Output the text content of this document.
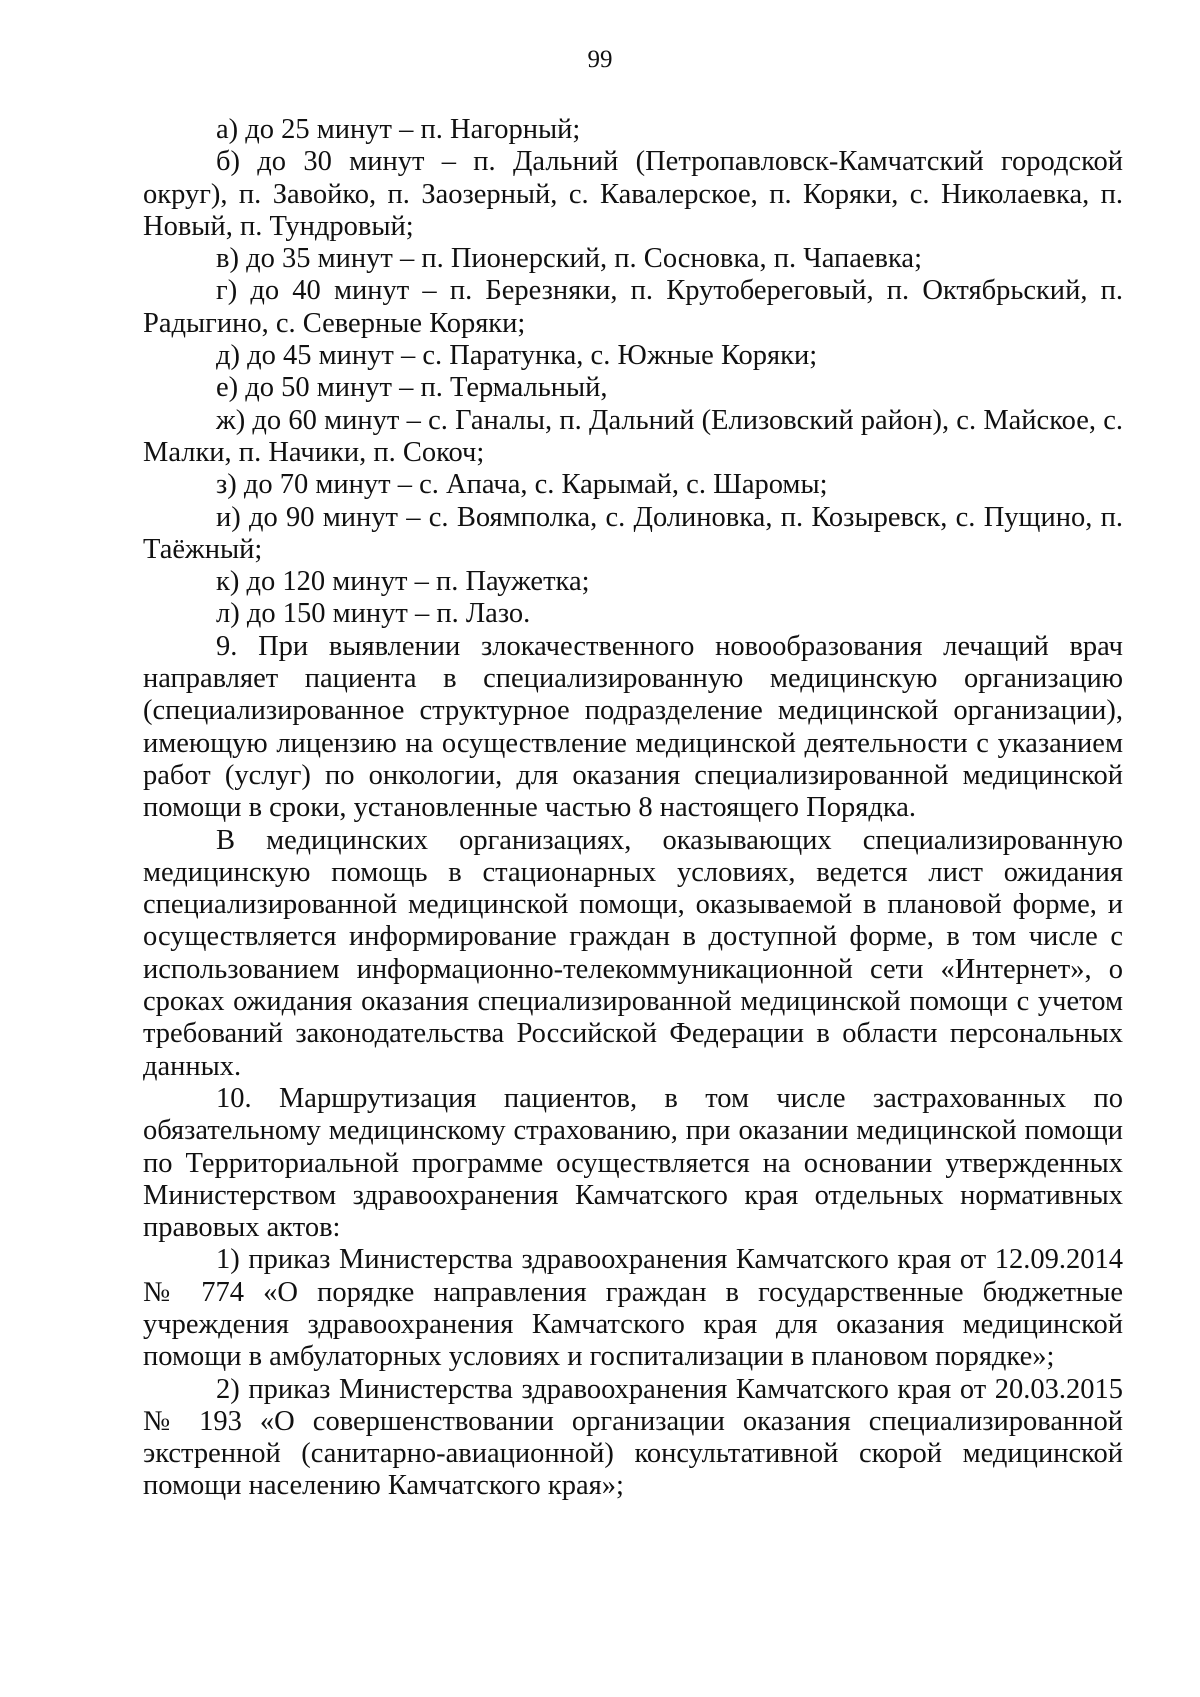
99

а) до 25 минут – п. Нагорный;

б) до 30 минут – п. Дальний (Петропавловск-Камчатский городской округ), п. Завойко, п. Заозерный, с. Кавалерское, п. Коряки, с. Николаевка, п. Новый, п. Тундровый;

в) до 35 минут – п. Пионерский, п. Сосновка, п. Чапаевка;

г) до 40 минут – п. Березняки, п. Крутобереговый, п. Октябрьский, п. Радыгино, с. Северные Коряки;

д) до 45 минут – с. Паратунка, с. Южные Коряки;

е) до 50 минут – п. Термальный,

ж) до 60 минут – с. Ганалы, п. Дальний (Елизовский район), с. Майское, с. Малки, п. Начики, п. Сокоч;

з) до 70 минут – с. Апача, с. Карымай, с. Шаромы;

и) до 90 минут – с. Воямполка, с. Долиновка, п. Козыревск, с. Пущино, п. Таёжный;

к) до 120 минут – п. Паужетка;

л) до 150 минут – п. Лазо.

9. При выявлении злокачественного новообразования лечащий врач направляет пациента в специализированную медицинскую организацию (специализированное структурное подразделение медицинской организации), имеющую лицензию на осуществление медицинской деятельности с указанием работ (услуг) по онкологии, для оказания специализированной медицинской помощи в сроки, установленные частью 8 настоящего Порядка.

В медицинских организациях, оказывающих специализированную медицинскую помощь в стационарных условиях, ведется лист ожидания специализированной медицинской помощи, оказываемой в плановой форме, и осуществляется информирование граждан в доступной форме, в том числе с использованием информационно-телекоммуникационной сети «Интернет», о сроках ожидания оказания специализированной медицинской помощи с учетом требований законодательства Российской Федерации в области персональных данных.

10. Маршрутизация пациентов, в том числе застрахованных по обязательному медицинскому страхованию, при оказании медицинской помощи по Территориальной программе осуществляется на основании утвержденных Министерством здравоохранения Камчатского края отдельных нормативных правовых актов:

1) приказ Министерства здравоохранения Камчатского края от 12.09.2014 № 774 «О порядке направления граждан в государственные бюджетные учреждения здравоохранения Камчатского края для оказания медицинской помощи в амбулаторных условиях и госпитализации в плановом порядке»;

2) приказ Министерства здравоохранения Камчатского края от 20.03.2015 № 193 «О совершенствовании организации оказания специализированной экстренной (санитарно-авиационной) консультативной скорой медицинской помощи населению Камчатского края»;
